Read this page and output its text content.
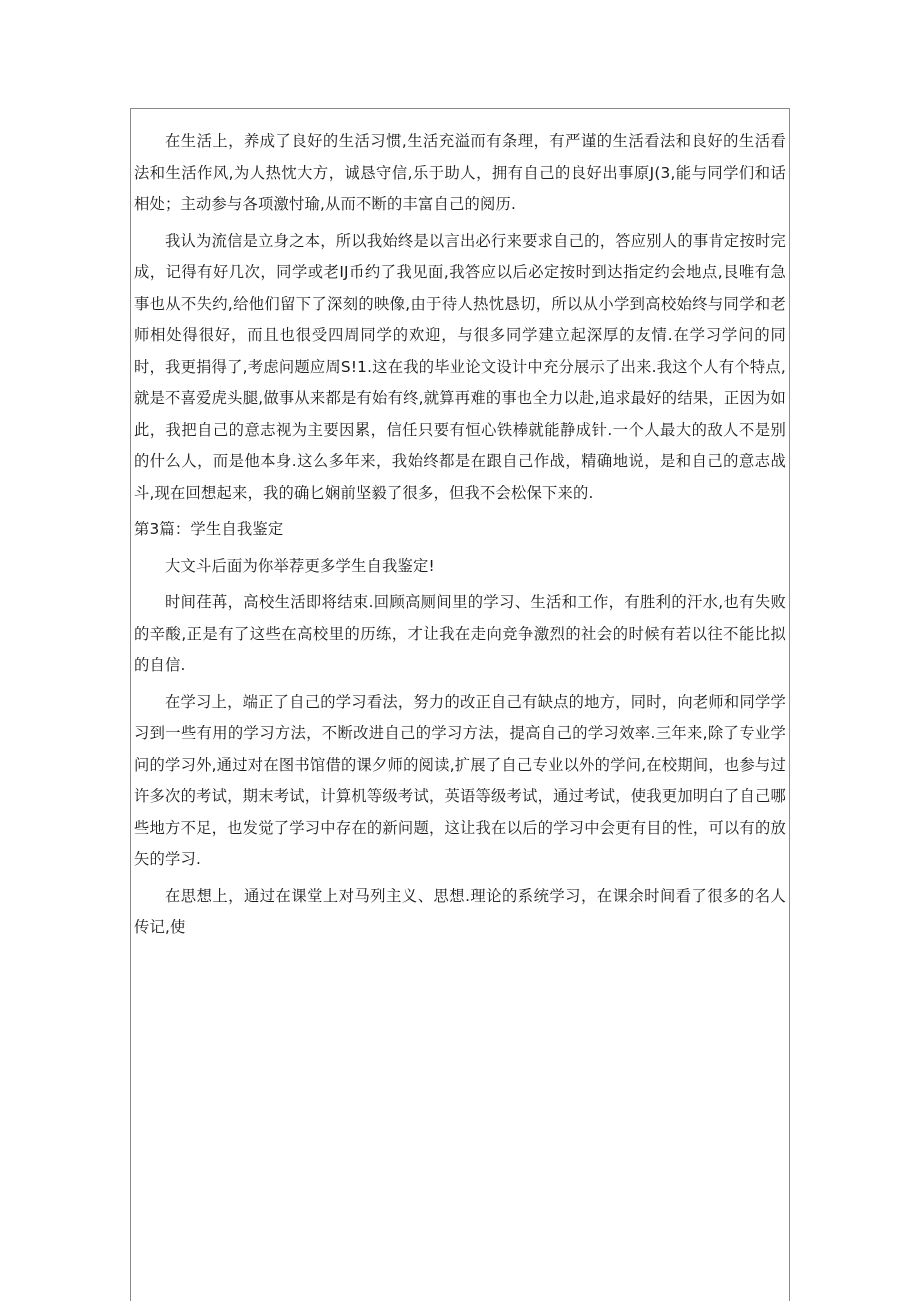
在生活上，养成了良好的生活习惯,生活充溢而有条理，有严谨的生活看法和良好的生活看法和生活作风,为人热忱大方，诚恳守信,乐于助人，拥有自己的良好出事原J(3,能与同学们和话相处；主动参与各项激忖瑜,从而不断的丰富自己的阅历.

我认为流信是立身之本，所以我始终是以言出必行来要求自己的，答应别人的事肯定按时完成，记得有好几次，同学或老IJ币约了我见面,我答应以后必定按时到达指定约会地点,艮唯有急事也从不失约,给他们留下了深刻的映像,由于待人热忱恳切，所以从小学到高校始终与同学和老师相处得很好，而且也很受四周同学的欢迎，与很多同学建立起深厚的友情.在学习学问的同时，我更捐得了,考虑问题应周S!1.这在我的毕业论文设计中充分展示了出来.我这个人有个特点,就是不喜爱虎头腿,做事从来都是有始有终,就算再难的事也全力以赴,追求最好的结果，正因为如此，我把自己的意志视为主要因累，信任只要有恒心铁棒就能静成针.一个人最大的敌人不是别的什么人，而是他本身.这么多年来，我始终都是在跟自己作战，精确地说，是和自己的意志战斗,现在回想起来，我的确匕娴前坚毅了很多，但我不会松保下来的.

第3篇：学生自我鉴定

大文斗后面为你举荐更多学生自我鉴定!

时间荏苒，高校生活即将结束.回顾高厕间里的学习、生活和工作，有胜利的汗水,也有失败的辛酸,正是有了这些在高校里的历练，才让我在走向竞争激烈的社会的时候有若以往不能比拟的自信.

在学习上，端正了自己的学习看法，努力的改正自己有缺点的地方，同时，向老师和同学学习到一些有用的学习方法，不断改进自己的学习方法，提高自己的学习效率.三年来,除了专业学问的学习外,通过对在图书馆借的课夕师的阅读,扩展了自己专业以外的学问,在校期间，也参与过许多次的考试，期末考试，计算机等级考试，英语等级考试，通过考试，使我更加明白了自己哪些地方不足，也发觉了学习中存在的新问题，这让我在以后的学习中会更有目的性，可以有的放矢的学习.

在思想上，通过在课堂上对马列主义、思想.理论的系统学习，在课余时间看了很多的名人传记,使
